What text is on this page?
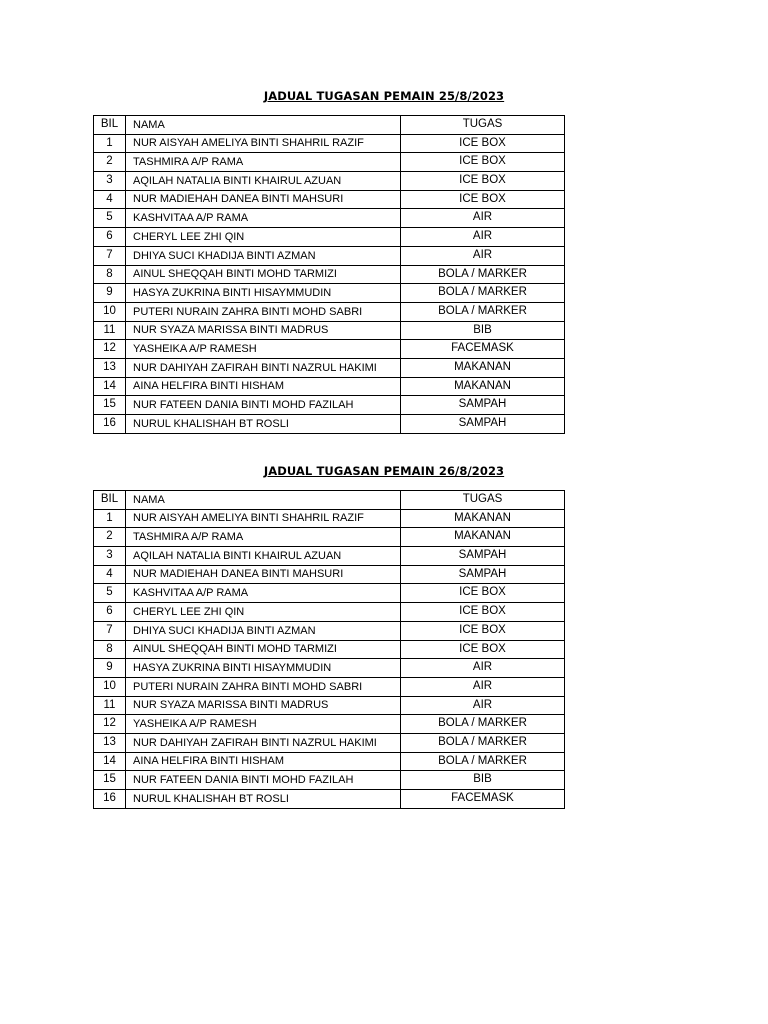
JADUAL TUGASAN PEMAIN 25/8/2023
BIL	NAMA	TUGAS
1	NUR AISYAH AMELIYA BINTI SHAHRIL RAZIF	ICE BOX
2	TASHMIRA A/P RAMA	ICE BOX
3	AQILAH NATALIA BINTI KHAIRUL AZUAN	ICE BOX
4	NUR MADIEHAH DANEA BINTI MAHSURI	ICE BOX
5	KASHVITAA A/P RAMA	AIR
6	CHERYL LEE ZHI QIN	AIR
7	DHIYA SUCI KHADIJA BINTI AZMAN	AIR
8	AINUL SHEQQAH BINTI MOHD TARMIZI	BOLA / MARKER
9	HASYA ZUKRINA BINTI HISAYMMUDIN	BOLA / MARKER
10	PUTERI NURAIN ZAHRA BINTI MOHD SABRI	BOLA / MARKER
11	NUR SYAZA MARISSA BINTI MADRUS	BIB
12	YASHEIKA A/P RAMESH	FACEMASK
13	NUR DAHIYAH ZAFIRAH BINTI NAZRUL HAKIMI	MAKANAN
14	AINA HELFIRA BINTI HISHAM	MAKANAN
15	NUR FATEEN DANIA BINTI MOHD FAZILAH	SAMPAH
16	NURUL KHALISHAH BT ROSLI	SAMPAH
JADUAL TUGASAN PEMAIN 26/8/2023
BIL	NAMA	TUGAS
1	NUR AISYAH AMELIYA BINTI SHAHRIL RAZIF	MAKANAN
2	TASHMIRA A/P RAMA	MAKANAN
3	AQILAH NATALIA BINTI KHAIRUL AZUAN	SAMPAH
4	NUR MADIEHAH DANEA BINTI MAHSURI	SAMPAH
5	KASHVITAA A/P RAMA	ICE BOX
6	CHERYL LEE ZHI QIN	ICE BOX
7	DHIYA SUCI KHADIJA BINTI AZMAN	ICE BOX
8	AINUL SHEQQAH BINTI MOHD TARMIZI	ICE BOX
9	HASYA ZUKRINA BINTI HISAYMMUDIN	AIR
10	PUTERI NURAIN ZAHRA BINTI MOHD SABRI	AIR
11	NUR SYAZA MARISSA BINTI MADRUS	AIR
12	YASHEIKA A/P RAMESH	BOLA / MARKER
13	NUR DAHIYAH ZAFIRAH BINTI NAZRUL HAKIMI	BOLA / MARKER
14	AINA HELFIRA BINTI HISHAM	BOLA / MARKER
15	NUR FATEEN DANIA BINTI MOHD FAZILAH	BIB
16	NURUL KHALISHAH BT ROSLI	FACEMASK
